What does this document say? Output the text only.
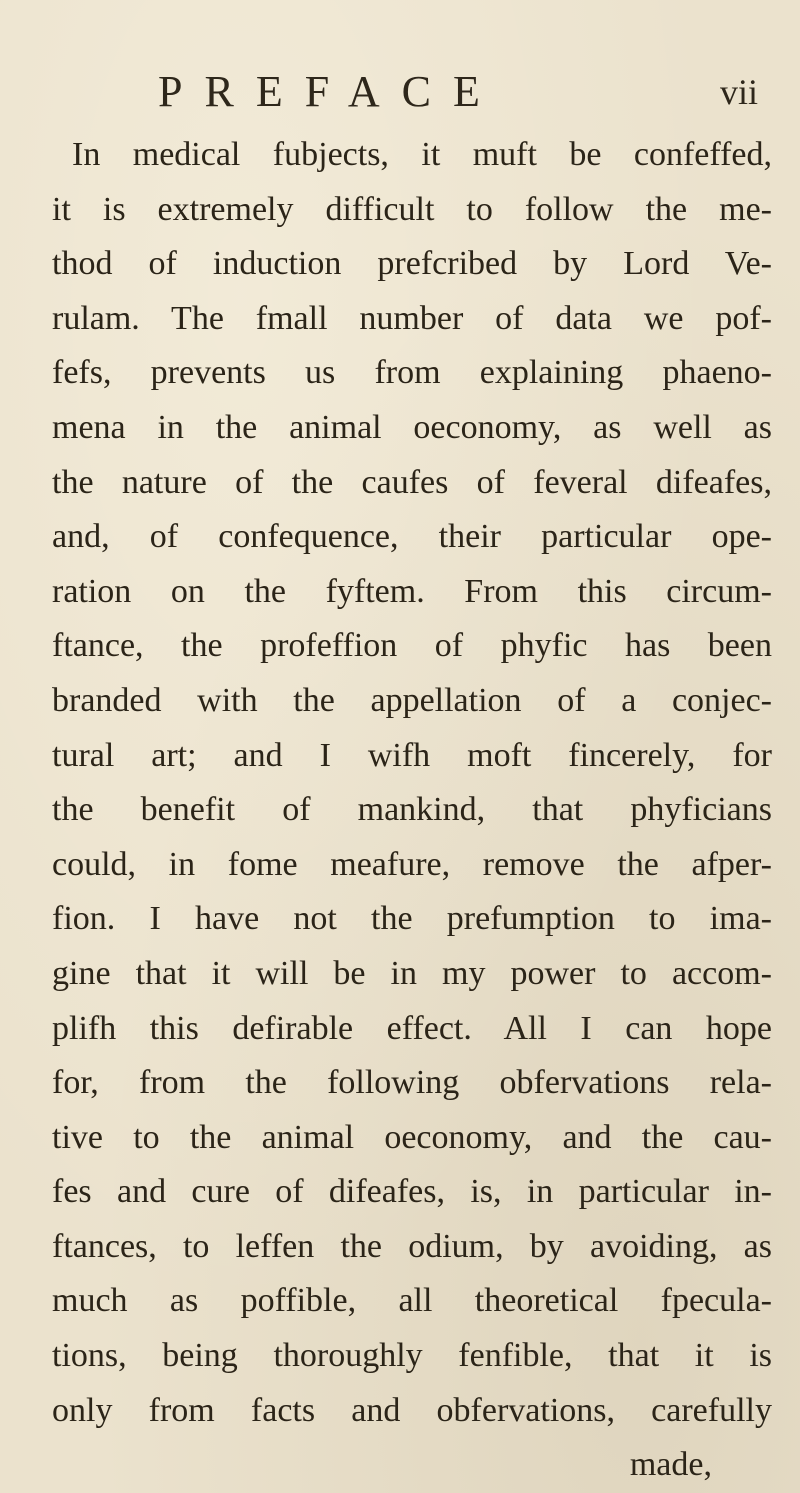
PREFACE	vii
In medical fubjects, it muft be confeffed,
it is extremely difficult to follow the me-
thod of induction prefcribed by Lord Ve-
rulam. The fmall number of data we pof-
fefs, prevents us from explaining phaeno-
mena in the animal oeconomy, as well as
the nature of the caufes of feveral difeafes,
and, of confequence, their particular ope-
ration on the fyftem. From this circum-
ftance, the profeffion of phyfic has been
branded with the appellation of a conjec-
tural art; and I wifh moft fincerely, for
the benefit of mankind, that phyficians
could, in fome meafure, remove the afper-
fion. I have not the prefumption to ima-
gine that it will be in my power to accom-
plifh this defirable effect. All I can hope
for, from the following obfervations rela-
tive to the animal oeconomy, and the cau-
fes and cure of difeafes, is, in particular in-
ftances, to leffen the odium, by avoiding, as
much as poffible, all theoretical fpecula-
tions, being thoroughly fenfible, that it is
only from facts and obfervations, carefully
made,
